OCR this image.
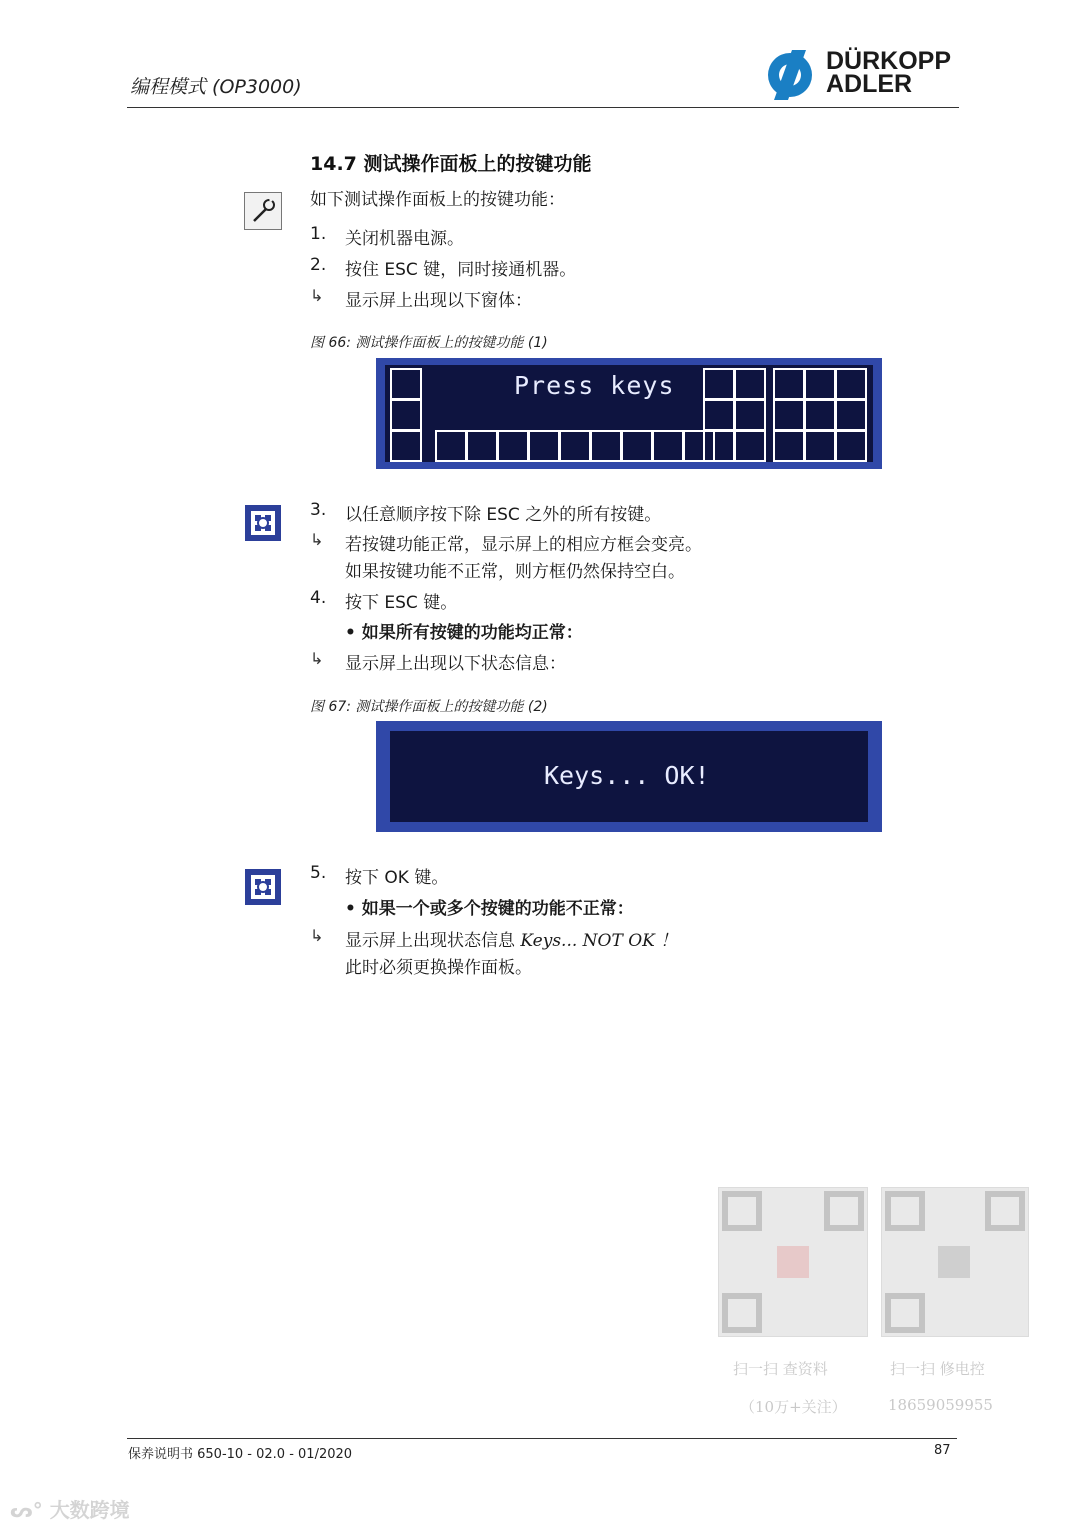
编程模式 (OP3000)
DÜRKOPP
ADLER
14.7 测试操作面板上的按键功能
如下测试操作面板上的按键功能：
1.	关闭机器电源。
2.	按住 ESC 键，同时接通机器。
↳	显示屏上出现以下窗体：
图 66: 测试操作面板上的按键功能 (1)
Press keys
3.	以任意顺序按下除 ESC 之外的所有按键。
↳	若按键功能正常，显示屏上的相应方框会变亮。
如果按键功能不正常，则方框仍然保持空白。
4.	按下 ESC 键。
• 如果所有按键的功能均正常：
↳	显示屏上出现以下状态信息：
图 67: 测试操作面板上的按键功能 (2)
Keys... OK!
5.	按下 OK 键。
• 如果一个或多个按键的功能不正常：
↳	显示屏上出现状态信息 Keys... NOT OK ！
此时必须更换操作面板。
扫一扫 查资料
（10万+关注）
扫一扫 修电控
18659059955
保养说明书 650-10 - 02.0 - 01/2020	87
ᔕ° 大数跨境
